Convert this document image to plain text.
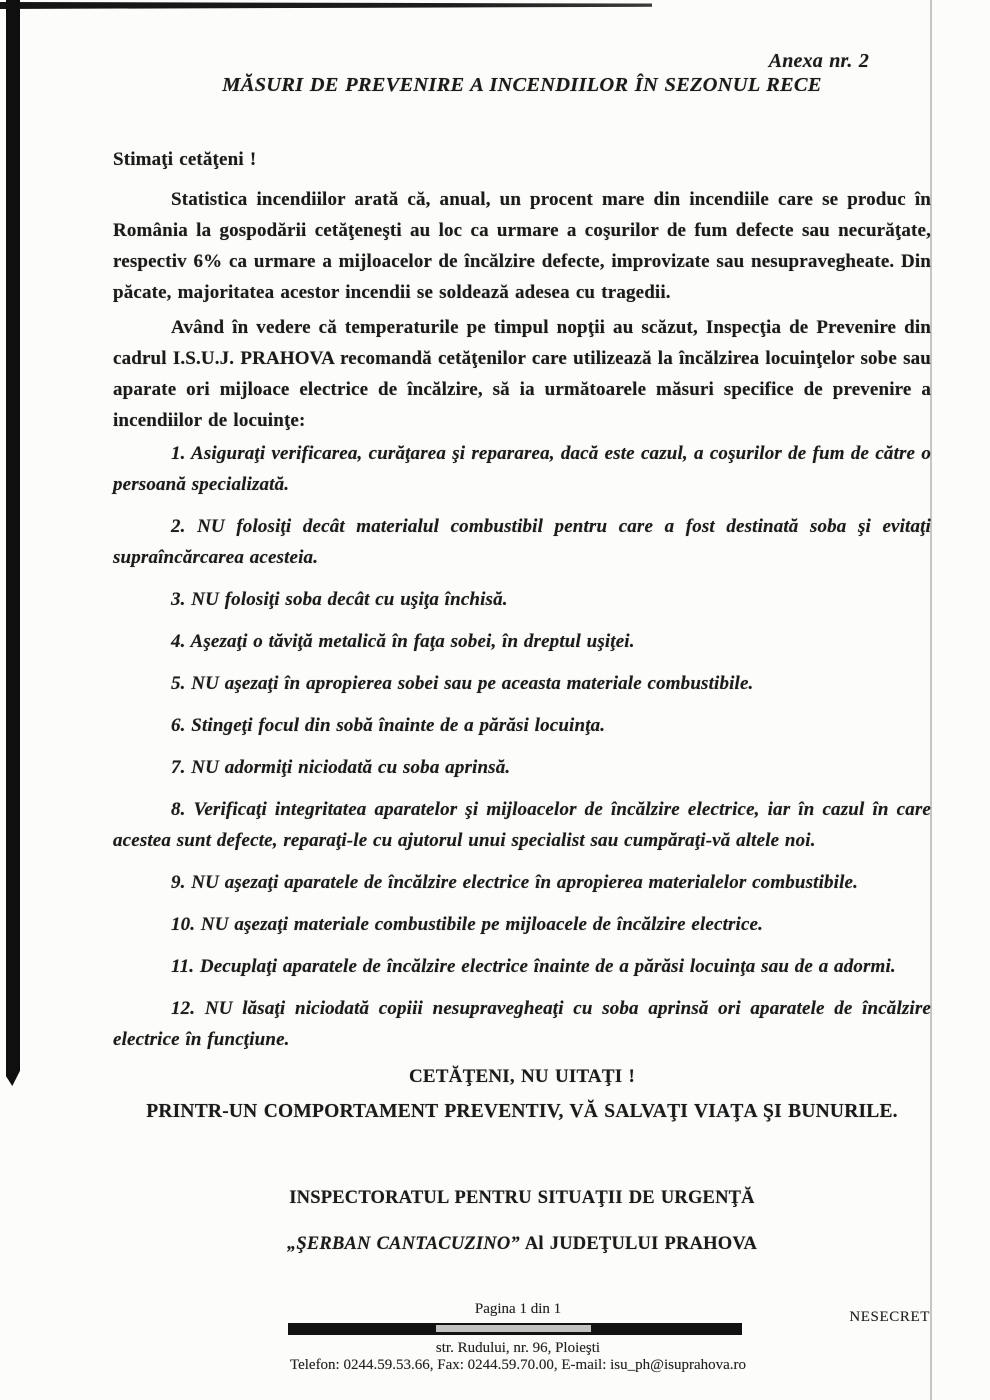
Anexa nr. 2

MĂSURI DE PREVENIRE A INCENDIILOR ÎN SEZONUL RECE

Stimaţi cetăţeni !

Statistica incendiilor arată că, anual, un procent mare din incendiile care se produc în România la gospodării cetăţeneşti au loc ca urmare a coşurilor de fum defecte sau necurăţate, respectiv 6% ca urmare a mijloacelor de încălzire defecte, improvizate sau nesupravegheate. Din păcate, majoritatea acestor incendii se soldează adesea cu tragedii.

Având în vedere că temperaturile pe timpul nopţii au scăzut, Inspecţia de Prevenire din cadrul I.S.U.J. PRAHOVA recomandă cetăţenilor care utilizează la încălzirea locuinţelor sobe sau aparate ori mijloace electrice de încălzire, să ia următoarele măsuri specifice de prevenire a incendiilor de locuinţe:

1. Asiguraţi verificarea, curăţarea şi repararea, dacă este cazul, a coşurilor de fum de către o persoană specializată.

2. NU folosiţi decât materialul combustibil pentru care a fost destinată soba şi evitaţi supraîncărcarea acesteia.

3. NU folosiţi soba decât cu uşiţa închisă.

4. Aşezaţi o tăviţă metalică în faţa sobei, în dreptul uşiţei.

5. NU aşezaţi în apropierea sobei sau pe aceasta materiale combustibile.

6. Stingeţi focul din sobă înainte de a părăsi locuinţa.

7. NU adormiţi niciodată cu soba aprinsă.

8. Verificaţi integritatea aparatelor şi mijloacelor de încălzire electrice, iar în cazul în care acestea sunt defecte, reparaţi-le cu ajutorul unui specialist sau cumpăraţi-vă altele noi.

9. NU aşezaţi aparatele de încălzire electrice în apropierea materialelor combustibile.

10. NU aşezaţi materiale combustibile pe mijloacele de încălzire electrice.

11. Decuplaţi aparatele de încălzire electrice înainte de a părăsi locuinţa sau de a adormi.

12. NU lăsaţi niciodată copiii nesupravegheaţi cu soba aprinsă ori aparatele de încălzire electrice în funcţiune.

CETĂŢENI, NU UITAŢI !

PRINTR-UN COMPORTAMENT PREVENTIV, VĂ SALVAŢI VIAŢA ŞI BUNURILE.

INSPECTORATUL PENTRU SITUAŢII DE URGENŢĂ

„ŞERBAN CANTACUZINO” Al JUDEŢULUI PRAHOVA

Pagina 1 din 1	NESECRET
str. Rudului, nr. 96, Ploieşti
Telefon: 0244.59.53.66, Fax: 0244.59.70.00, E-mail: isu_ph@isuprahova.ro
